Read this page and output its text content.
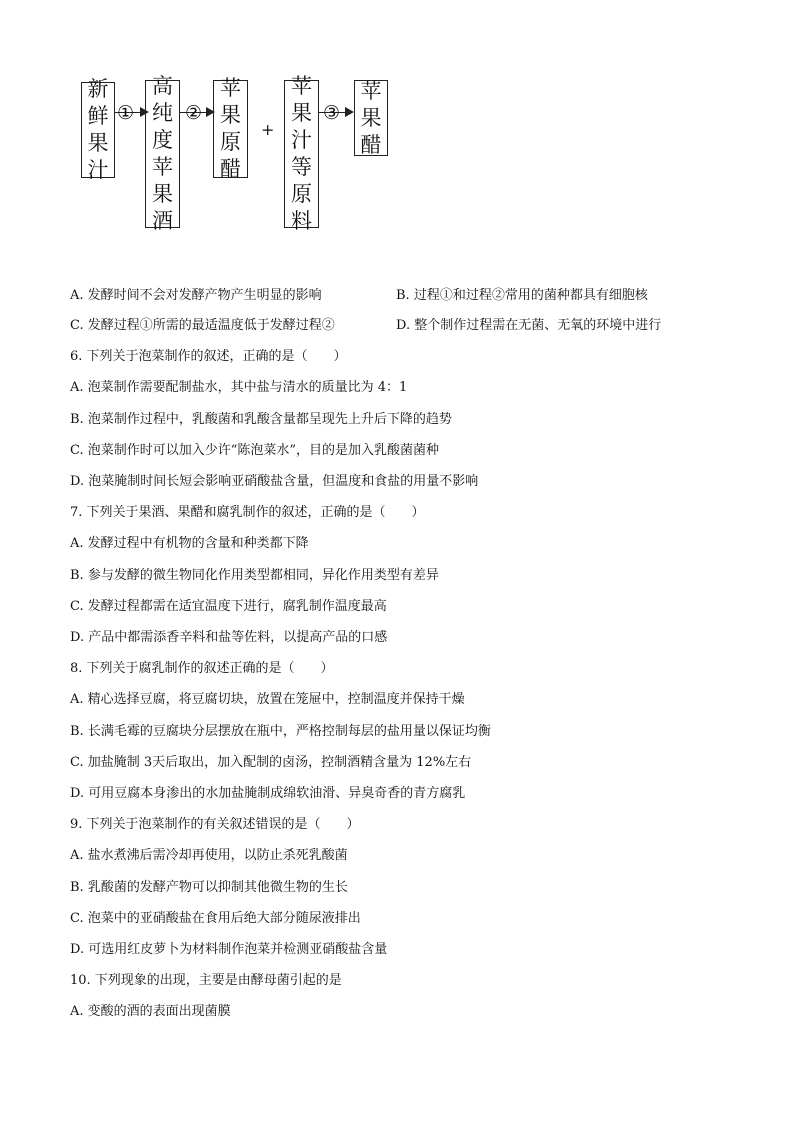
新
鲜
果
汁
①
高
纯
度
苹
果
酒
②
苹
果
原
醋
+
苹
果
汁
等
原
料
③
苹
果
醋
A. 发酵时间不会对发酵产物产生明显的影响	B. 过程①和过程②常用的菌种都具有细胞核
C. 发酵过程①所需的最适温度低于发酵过程②	D. 整个制作过程需在无菌、无氧的环境中进行
6. 下列关于泡菜制作的叙述，正确的是（　　）
A. 泡菜制作需要配制盐水，其中盐与清水的质量比为 4：1
B. 泡菜制作过程中，乳酸菌和乳酸含量都呈现先上升后下降的趋势
C. 泡菜制作时可以加入少许“陈泡菜水”，目的是加入乳酸菌菌种
D. 泡菜腌制时间长短会影响亚硝酸盐含量，但温度和食盐的用量不影响
7. 下列关于果酒、果醋和腐乳制作的叙述，正确的是（　　）
A. 发酵过程中有机物的含量和种类都下降
B. 参与发酵的微生物同化作用类型都相同，异化作用类型有差异
C. 发酵过程都需在适宜温度下进行，腐乳制作温度最高
D. 产品中都需添香辛料和盐等佐料，以提高产品的口感
8. 下列关于腐乳制作的叙述正确的是（　　）
A. 精心选择豆腐，将豆腐切块，放置在笼屉中，控制温度并保持干燥
B. 长满毛霉的豆腐块分层摆放在瓶中，严格控制每层的盐用量以保证均衡
C. 加盐腌制 3天后取出，加入配制的卤汤，控制酒精含量为 12%左右
D. 可用豆腐本身渗出的水加盐腌制成绵软油滑、异臭奇香的青方腐乳
9. 下列关于泡菜制作的有关叙述错误的是（　　）
A. 盐水煮沸后需冷却再使用，以防止杀死乳酸菌
B. 乳酸菌的发酵产物可以抑制其他微生物的生长
C. 泡菜中的亚硝酸盐在食用后绝大部分随尿液排出
D. 可选用红皮萝卜为材料制作泡菜并检测亚硝酸盐含量
10. 下列现象的出现，主要是由酵母菌引起的是
A. 变酸的酒的表面出现菌膜
